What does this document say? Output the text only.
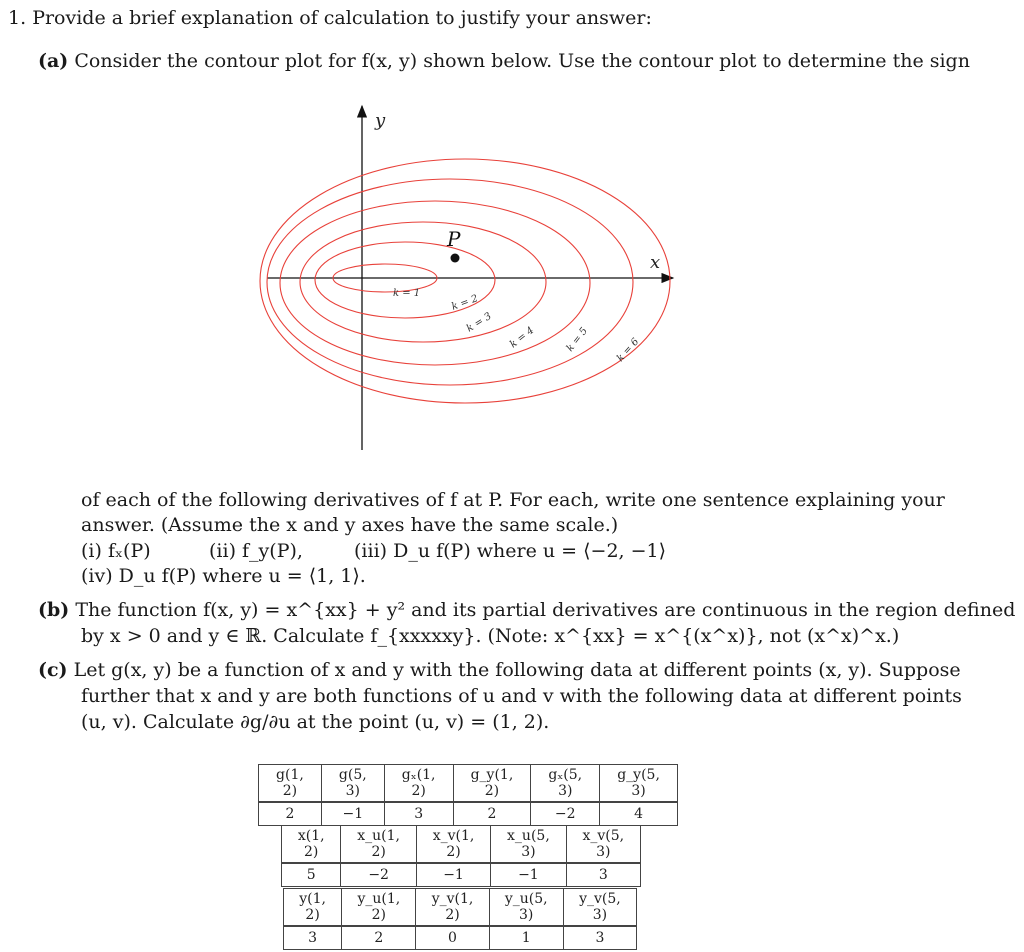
1. Provide a brief explanation of calculation to justify your answer:
(a) Consider the contour plot for f(x, y) shown below. Use the contour plot to determine the sign
y
x
k = 1	k = 2
k = 3
k = 4	k = 5 k = 6
P
of each of the following derivatives of f at P. For each, write one sentence explaining your
answer. (Assume the x and y axes have the same scale.)
(i) fₓ(P)	(ii) f_y(P),	(iii) D_u f(P) where u = ⟨−2, −1⟩
(iv) D_u f(P) where u = ⟨1, 1⟩.
(b) The function f(x, y) = x^{xx} + y² and its partial derivatives are continuous in the region defined
by x > 0 and y ∈ ℝ. Calculate f_{xxxxxy}. (Note: x^{xx} = x^{(x^x)}, not (x^x)^x.)
(c) Let g(x, y) be a function of x and y with the following data at different points (x, y). Suppose
further that x and y are both functions of u and v with the following data at different points
(u, v). Calculate ∂g/∂u at the point (u, v) = (1, 2).
g(1, 2)	g(5, 3)	gₓ(1, 2)	g_y(1, 2)	gₓ(5, 3)	g_y(5, 3)
2	−1	3	2	−2	4
x(1, 2)	x_u(1, 2)	x_v(1, 2)	x_u(5, 3)	x_v(5, 3)
5	−2	−1	−1	3
y(1, 2)	y_u(1, 2)	y_v(1, 2)	y_u(5, 3)	y_v(5, 3)
3	2	0	1	3
